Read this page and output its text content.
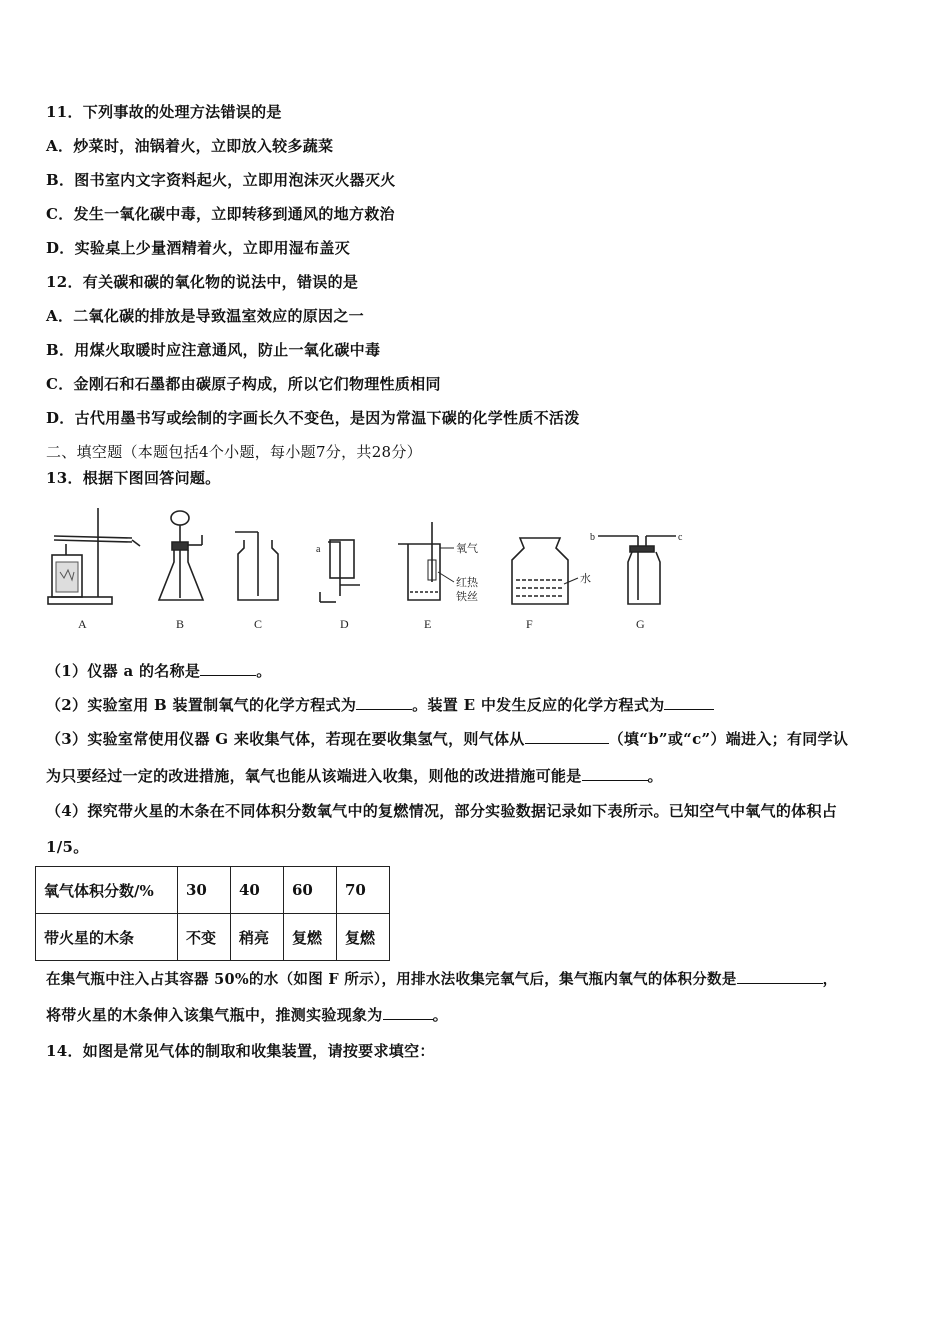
11．下列事故的处理方法错误的是
A．炒菜时，油锅着火，立即放入较多蔬菜
B．图书室内文字资料起火，立即用泡沫灭火器灭火
C．发生一氧化碳中毒，立即转移到通风的地方救治
D．实验桌上少量酒精着火，立即用湿布盖灭
12．有关碳和碳的氧化物的说法中，错误的是
A．二氧化碳的排放是导致温室效应的原因之一
B．用煤火取暖时应注意通风，防止一氧化碳中毒
C．金刚石和石墨都由碳原子构成，所以它们物理性质相同
D．古代用墨书写或绘制的字画长久不变色，是因为常温下碳的化学性质不活泼
二、填空题（本题包括4个小题，每小题7分，共28分）
13．根据下图回答问题。
A	B	C	D	E	F	G
a	氧气
红热
铁丝
水
b	c
（1）仪器 a 的名称是	。
（2）实验室用 B 装置制氧气的化学方程式为	。装置 E 中发生反应的化学方程式为
（3）实验室常使用仪器 G 来收集气体，若现在要收集氢气，则气体从	（填“b”或“c”）端进入；有同学认
为只要经过一定的改进措施，氧气也能从该端进入收集，则他的改进措施可能是	。
（4）探究带火星的木条在不同体积分数氧气中的复燃情况，部分实验数据记录如下表所示。已知空气中氧气的体积占
1/5。
氧气体积分数/%	30	40	60	70
带火星的木条	不变	稍亮	复燃	复燃
在集气瓶中注入占其容器 50%的水（如图 F 所示），用排水法收集完氧气后，集气瓶内氧气的体积分数是	，
将带火星的木条伸入该集气瓶中，推测实验现象为	。
14．如图是常见气体的制取和收集装置，请按要求填空：
